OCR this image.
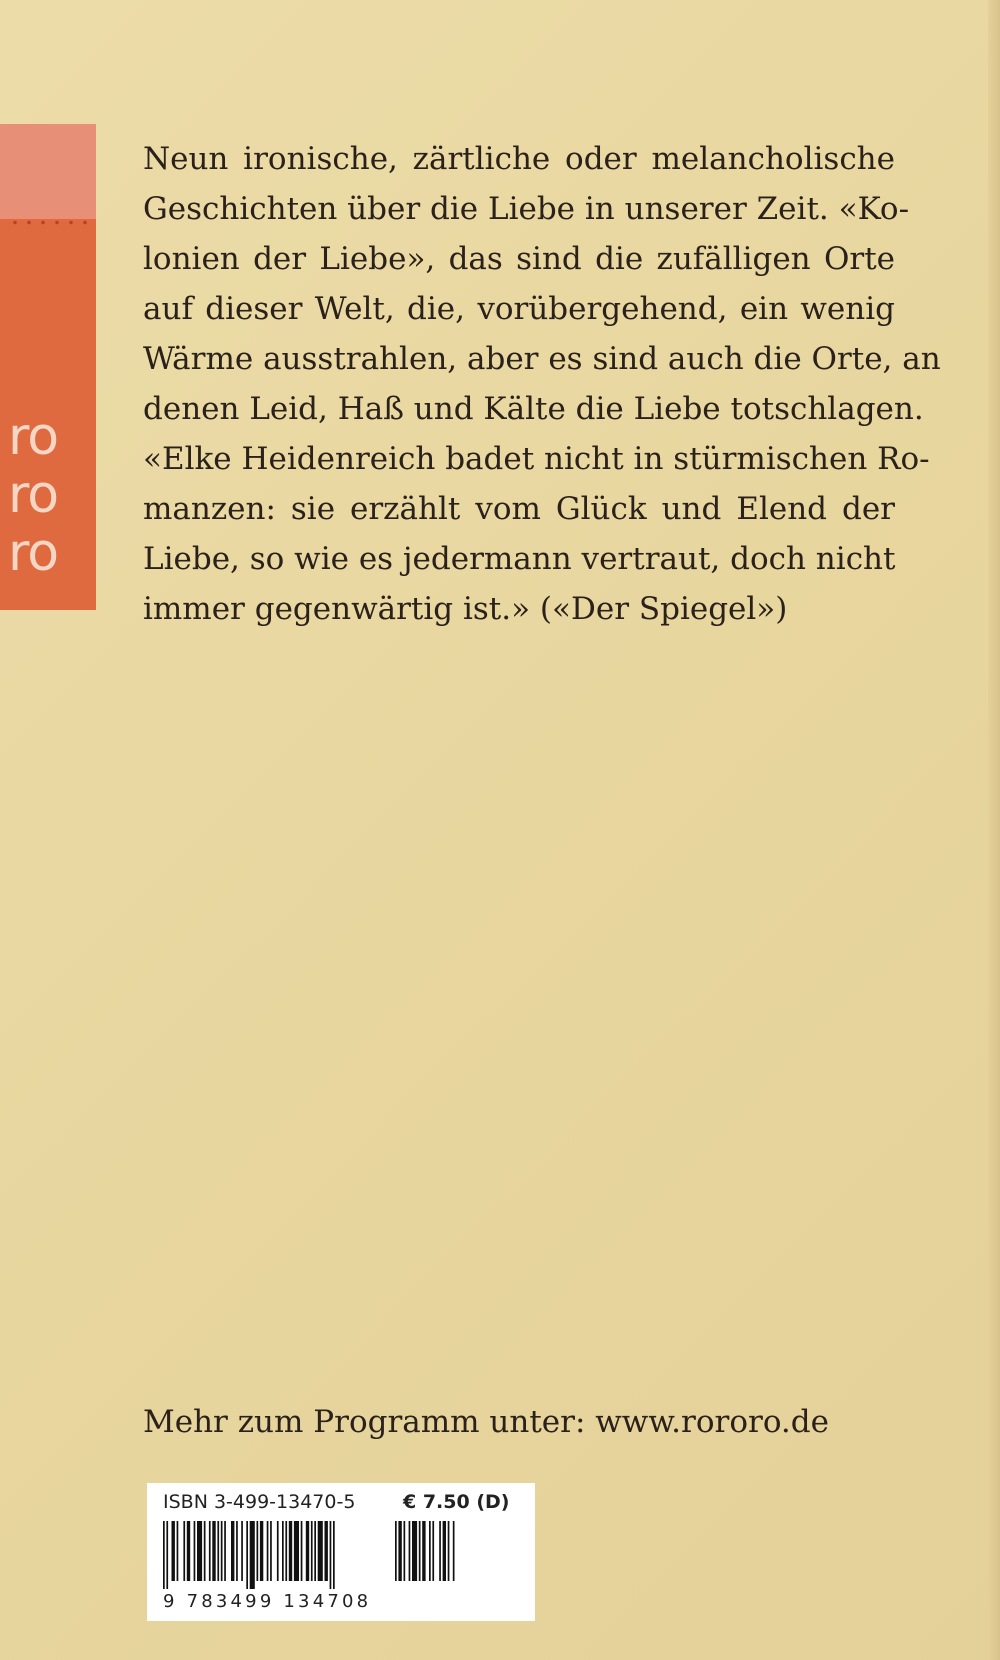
ro
ro
ro
Neun ironische, zärtliche oder melancholische
Geschichten über die Liebe in unserer Zeit. «Ko-
lonien der Liebe», das sind die zufälligen Orte
auf dieser Welt, die, vorübergehend, ein wenig
Wärme ausstrahlen, aber es sind auch die Orte, an
denen Leid, Haß und Kälte die Liebe totschlagen.
«Elke Heidenreich badet nicht in stürmischen Ro-
manzen: sie erzählt vom Glück und Elend der
Liebe, so wie es jedermann vertraut, doch nicht
immer gegenwärtig ist.» («Der Spiegel»)
Mehr zum Programm unter: www.rororo.de
ISBN 3-499-13470-5	€ 7.50 (D)
9 783499 134708
